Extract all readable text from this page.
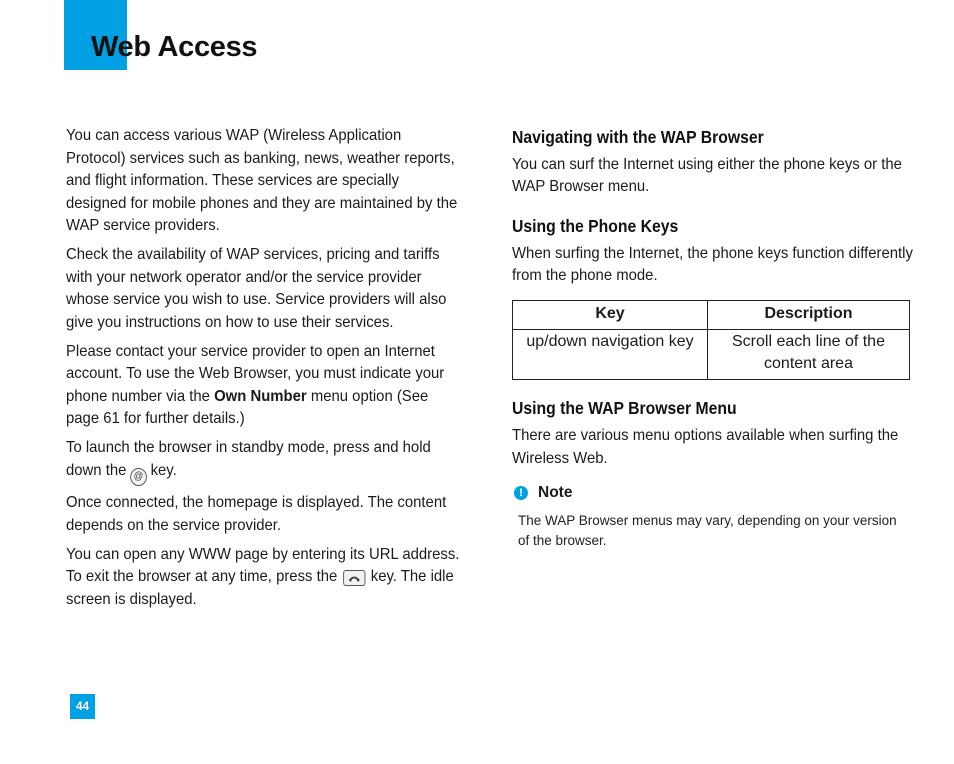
Web Access

You can access various WAP (Wireless Application Protocol) services such as banking, news, weather reports, and flight information. These services are specially designed for mobile phones and they are maintained by the WAP service providers.

Check the availability of WAP services, pricing and tariffs with your network operator and/or the service provider whose service you wish to use. Service providers will also give you instructions on how to use their services.

Please contact your service provider to open an Internet account. To use the Web Browser, you must indicate your phone number via the Own Number menu option (See page 61 for further details.)

To launch the browser in standby mode, press and hold down the @ key.

Once connected, the homepage is displayed. The content depends on the service provider.

You can open any WWW page by entering its URL address.

To exit the browser at any time, press the key. The idle screen is displayed.

Navigating with the WAP Browser

You can surf the Internet using either the phone keys or the WAP Browser menu.

Using the Phone Keys

When surfing the Internet, the phone keys function differently from the phone mode.

Key	Description
up/down navigation key	Scroll each line of the content area
Using the WAP Browser Menu

There are various menu options available when surfing the Wireless Web.

! Note
The WAP Browser menus may vary, depending on your version of the browser.
44
